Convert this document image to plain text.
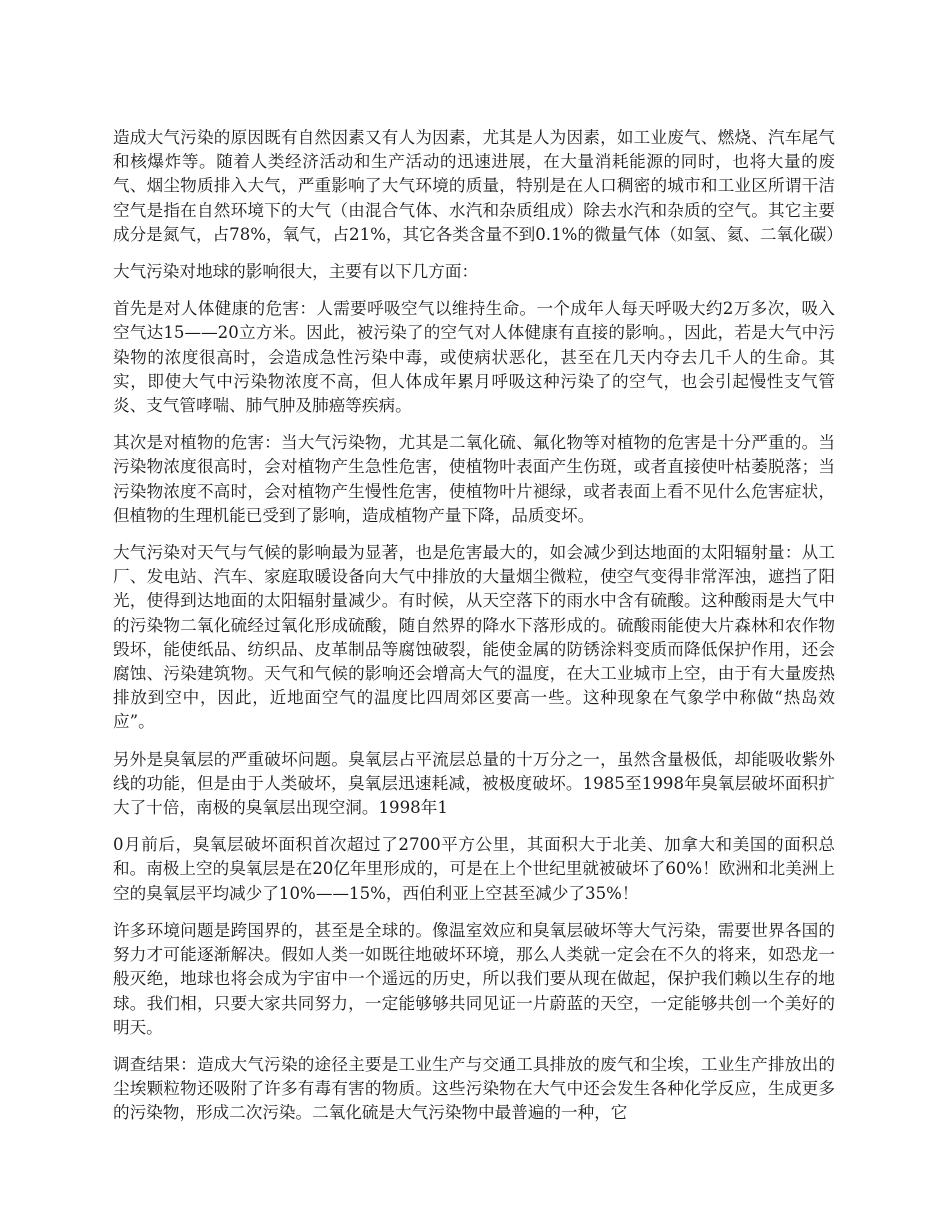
造成大气污染的原因既有自然因素又有人为因素，尤其是人为因素，如工业废气、燃烧、汽车尾气和核爆炸等。随着人类经济活动和生产活动的迅速进展，在大量消耗能源的同时，也将大量的废气、烟尘物质排入大气，严重影响了大气环境的质量，特别是在人口稠密的城市和工业区所谓干洁空气是指在自然环境下的大气（由混合气体、水汽和杂质组成）除去水汽和杂质的空气。其它主要成分是氮气，占78%，氧气，占21%，其它各类含量不到0.1%的微量气体（如氢、氦、二氧化碳）

大气污染对地球的影响很大，主要有以下几方面：

首先是对人体健康的危害：人需要呼吸空气以维持生命。一个成年人每天呼吸大约2万多次，吸入空气达15——20立方米。因此，被污染了的空气对人体健康有直接的影响。，因此，若是大气中污染物的浓度很高时，会造成急性污染中毒，或使病状恶化，甚至在几天内夺去几千人的生命。其实，即使大气中污染物浓度不高，但人体成年累月呼吸这种污染了的空气，也会引起慢性支气管炎、支气管哮喘、肺气肿及肺癌等疾病。

其次是对植物的危害：当大气污染物，尤其是二氧化硫、氟化物等对植物的危害是十分严重的。当污染物浓度很高时，会对植物产生急性危害，使植物叶表面产生伤斑，或者直接使叶枯萎脱落；当污染物浓度不高时，会对植物产生慢性危害，使植物叶片褪绿，或者表面上看不见什么危害症状，但植物的生理机能已受到了影响，造成植物产量下降，品质变坏。

大气污染对天气与气候的影响最为显著，也是危害最大的，如会减少到达地面的太阳辐射量：从工厂、发电站、汽车、家庭取暖设备向大气中排放的大量烟尘微粒，使空气变得非常浑浊，遮挡了阳光，使得到达地面的太阳辐射量减少。有时候，从天空落下的雨水中含有硫酸。这种酸雨是大气中的污染物二氧化硫经过氧化形成硫酸，随自然界的降水下落形成的。硫酸雨能使大片森林和农作物毁坏，能使纸品、纺织品、皮革制品等腐蚀破裂，能使金属的防锈涂料变质而降低保护作用，还会腐蚀、污染建筑物。天气和气候的影响还会增高大气的温度，在大工业城市上空，由于有大量废热排放到空中，因此，近地面空气的温度比四周郊区要高一些。这种现象在气象学中称做“热岛效应”。

另外是臭氧层的严重破坏问题。臭氧层占平流层总量的十万分之一，虽然含量极低，却能吸收紫外线的功能，但是由于人类破坏，臭氧层迅速耗减，被极度破坏。1985至1998年臭氧层破坏面积扩大了十倍，南极的臭氧层出现空洞。1998年1

0月前后，臭氧层破坏面积首次超过了2700平方公里，其面积大于北美、加拿大和美国的面积总和。南极上空的臭氧层是在20亿年里形成的，可是在上个世纪里就被破坏了60%！欧洲和北美洲上空的臭氧层平均减少了10%——15%，西伯利亚上空甚至减少了35%！

许多环境问题是跨国界的，甚至是全球的。像温室效应和臭氧层破坏等大气污染，需要世界各国的努力才可能逐渐解决。假如人类一如既往地破坏环境，那么人类就一定会在不久的将来，如恐龙一般灭绝，地球也将会成为宇宙中一个遥远的历史，所以我们要从现在做起，保护我们赖以生存的地球。我们相，只要大家共同努力，一定能够够共同见证一片蔚蓝的天空，一定能够共创一个美好的明天。

调查结果：造成大气污染的途径主要是工业生产与交通工具排放的废气和尘埃，工业生产排放出的尘埃颗粒物还吸附了许多有毒有害的物质。这些污染物在大气中还会发生各种化学反应，生成更多的污染物，形成二次污染。二氧化硫是大气污染物中最普遍的一种，它
